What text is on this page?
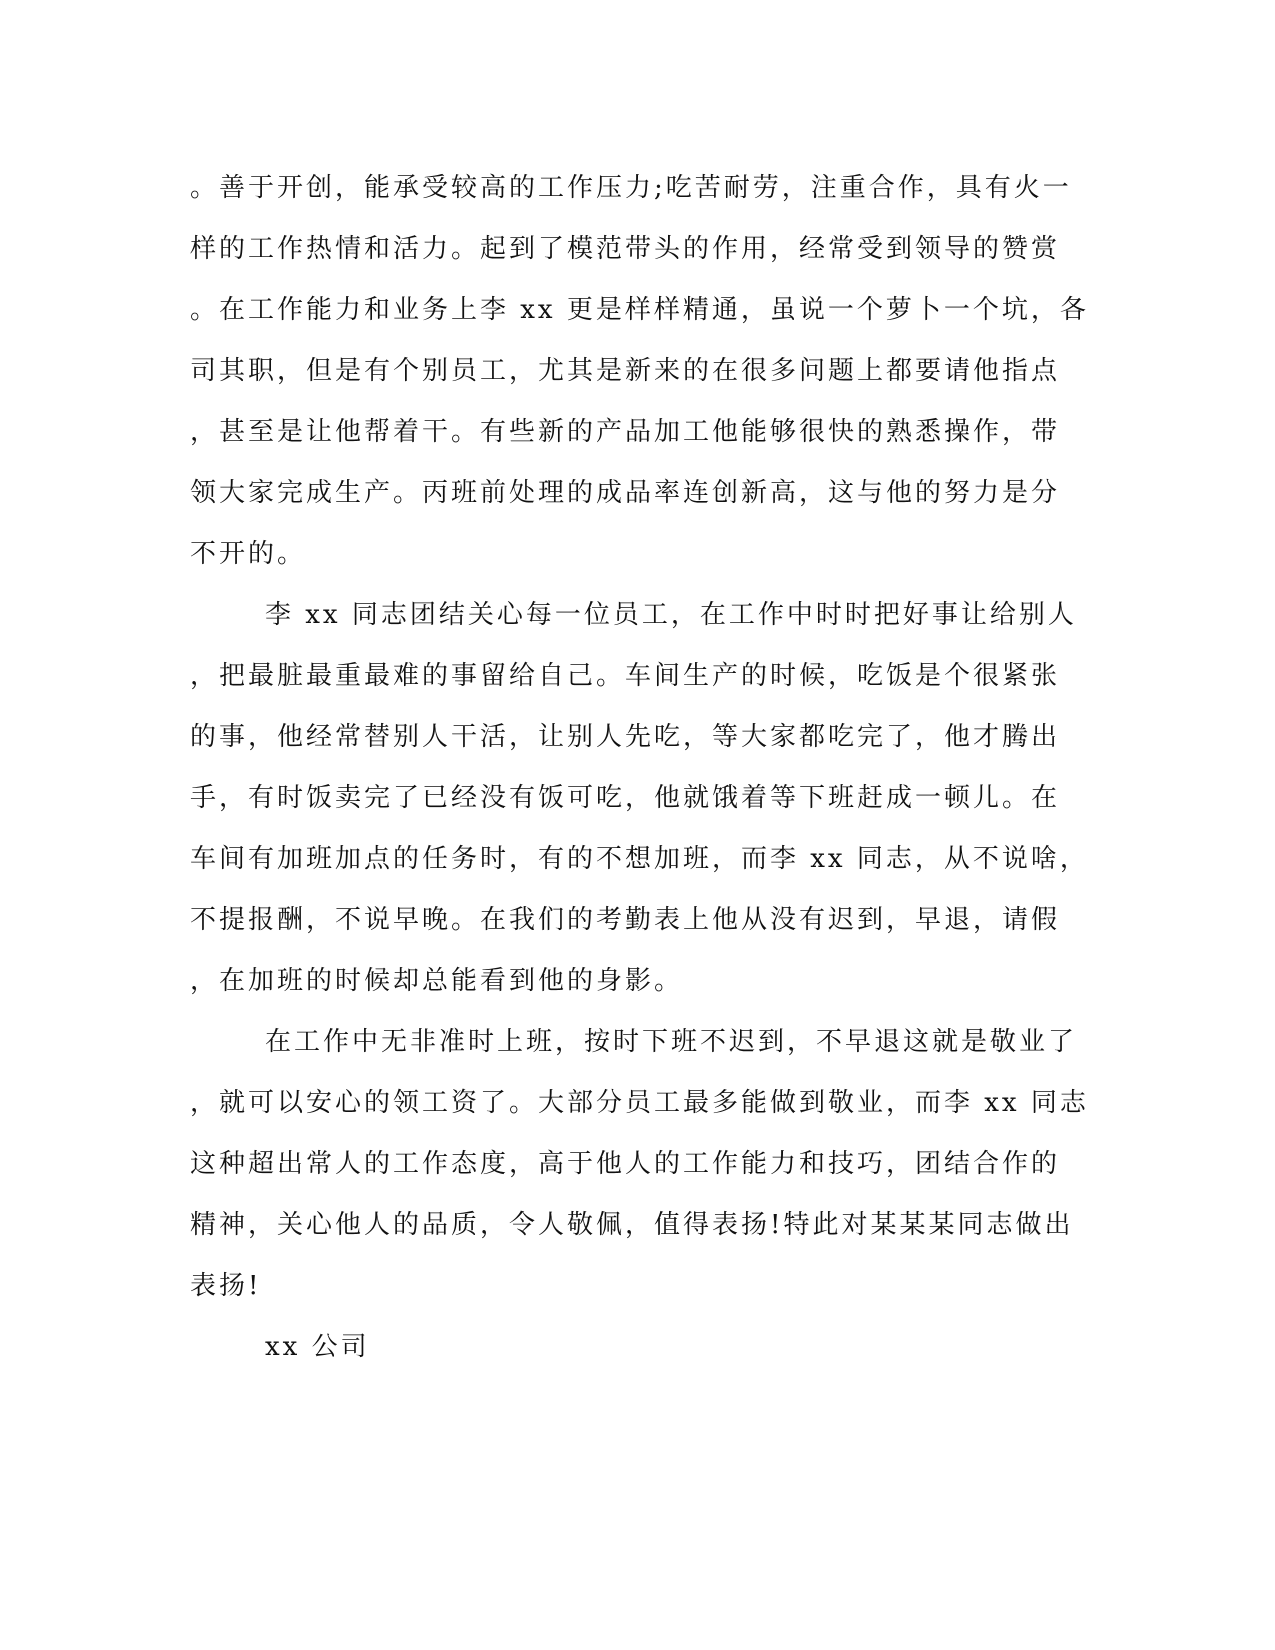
。善于开创，能承受较高的工作压力;吃苦耐劳，注重合作，具有火一
样的工作热情和活力。起到了模范带头的作用，经常受到领导的赞赏
。在工作能力和业务上李 xx 更是样样精通，虽说一个萝卜一个坑，各
司其职，但是有个别员工，尤其是新来的在很多问题上都要请他指点
，甚至是让他帮着干。有些新的产品加工他能够很快的熟悉操作，带
领大家完成生产。丙班前处理的成品率连创新高，这与他的努力是分
不开的。
李 xx 同志团结关心每一位员工，在工作中时时把好事让给别人
，把最脏最重最难的事留给自己。车间生产的时候，吃饭是个很紧张
的事，他经常替别人干活，让别人先吃，等大家都吃完了，他才腾出
手，有时饭卖完了已经没有饭可吃，他就饿着等下班赶成一顿儿。在
车间有加班加点的任务时，有的不想加班，而李 xx 同志，从不说啥，
不提报酬，不说早晚。在我们的考勤表上他从没有迟到，早退，请假
，在加班的时候却总能看到他的身影。
在工作中无非准时上班，按时下班不迟到，不早退这就是敬业了
，就可以安心的领工资了。大部分员工最多能做到敬业，而李 xx 同志
这种超出常人的工作态度，高于他人的工作能力和技巧，团结合作的
精神，关心他人的品质，令人敬佩，值得表扬!特此对某某某同志做出
表扬!
xx 公司
